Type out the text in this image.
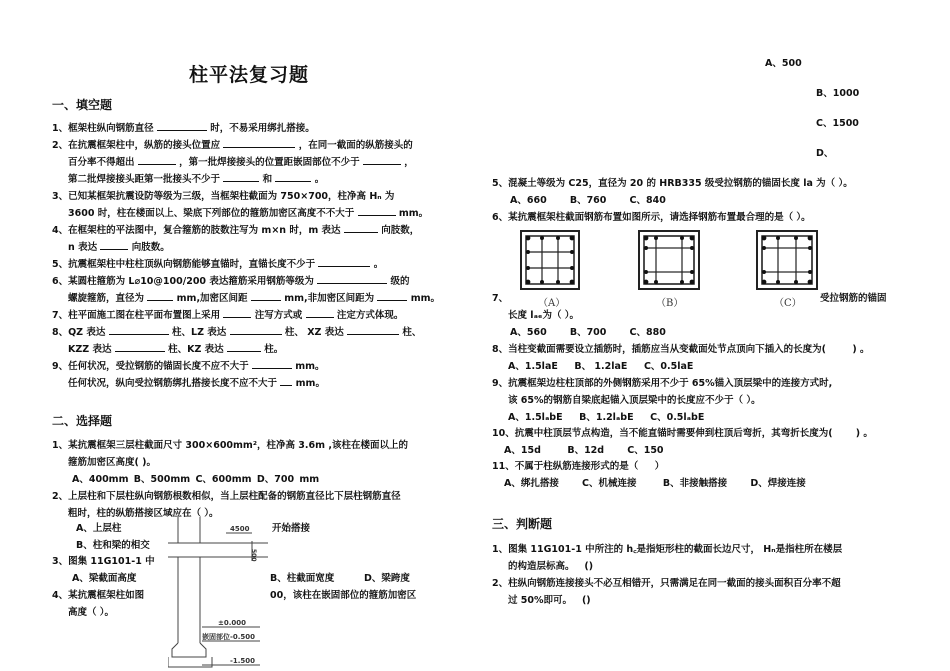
柱平法复习题
一、填空题
1、框架柱纵向钢筋直径	时，不易采用绑扎搭接。
2、在抗震框架柱中，纵筋的接头位置应	，在同一截面的纵筋接头的
百分率不得超出	，第一批焊接接头的位置距嵌固部位不少于	，
第二批焊接接头距第一批接头不少于	和	。
3、已知某框架抗震设防等级为三级，当框架柱截面为 750×700，柱净高 Hₙ 为
3600 时，柱在楼面以上、梁底下列部位的箍筋加密区高度不不大于	mm。
4、在框架柱的平法图中，复合箍筋的肢数注写为 m×n 时，m 表达	向肢数，
n 表达	向肢数。
5、抗震框架柱中柱柱顶纵向钢筋能够直锚时，直锚长度不少于	。
6、某圆柱箍筋为 L⌀10@100/200 表达箍筋采用钢筋等级为	级的
螺旋箍筋，直径为	mm,加密区间距	mm,非加密区间距为	mm。
7、柱平面施工图在柱平面布置图上采用	注写方式或	注定方式体现。
8、QZ 表达	柱、LZ 表达	柱、 XZ 表达	柱、
KZZ 表达	柱、KZ 表达	柱。
9、任何状况，受拉钢筋的锚固长度不应不大于	mm。
任何状况，纵向受拉钢筋绑扎搭接长度不应不大于 mm。
二、选择题
1、某抗震框架三层柱截面尺寸 300×600mm²，柱净高 3.6m ,该柱在楼面以上的
箍筋加密区高度( )。
A、400mm B、500mm C、600mm D、700 mm
2、上层柱和下层柱纵向钢筋根数相似，当上层柱配备的钢筋直径比下层柱钢筋直径
粗时，柱的纵筋搭接区域应在（ ）。
A、上层柱	开始搭接
B、柱和梁的相交
3、图集 11G101-1 中
A、梁截面高度	B、柱截面宽度	D、梁跨度
4、某抗震框架柱如图	00，该柱在嵌固部位的箍筋加密区
高度（ ）。
4500
500
±0.000
嵌固部位-0.500
-1.500
A、500
B、1000
C、1500
D、
5、混凝土等级为 C25，直径为 20 的 HRB335 级受拉钢筋的锚固长度 la 为（ ）。
A、660       B、760       C、840
6、某抗震框架柱截面钢筋布置如图所示，请选择钢筋布置最合理的是（ ）。
（A）	（B）	（C）
7、	受拉钢筋的锚固
长度 lₐₑ为（ ）。
A、560       B、700       C、880
8、当柱变截面需要设立插筋时，插筋应当从变截面处节点顶向下插入的长度为(        ) 。
A、1.5laE     B、 1.2laE     C、0.5laE
9、抗震框架边柱柱顶部的外侧钢筋采用不少于 65%锚入顶层梁中的连接方式时,
该 65%的钢筋自梁底起锚入顶层梁中的长度应不少于（ ）。
A、1.5lₐbE     B、1.2lₐbE     C、0.5lₐbE
10、抗震中柱顶层节点构造，当不能直锚时需要伸到柱顶后弯折，其弯折长度为(       ) 。
A、15d        B、12d       C、150
11、不属于柱纵筋连接形式的是（     ）
A、绑扎搭接       C、机械连接        B、非接触搭接       D、焊接连接
三、判断题
1、图集 11G101-1 中所注的 h꜀是指矩形柱的截面长边尺寸， Hₙ是指柱所在楼层
的构造层标高。   ()
2、柱纵向钢筋连接接头不必互相错开，只需满足在同一截面的接头面积百分率不超
过 50%即可。   ()
